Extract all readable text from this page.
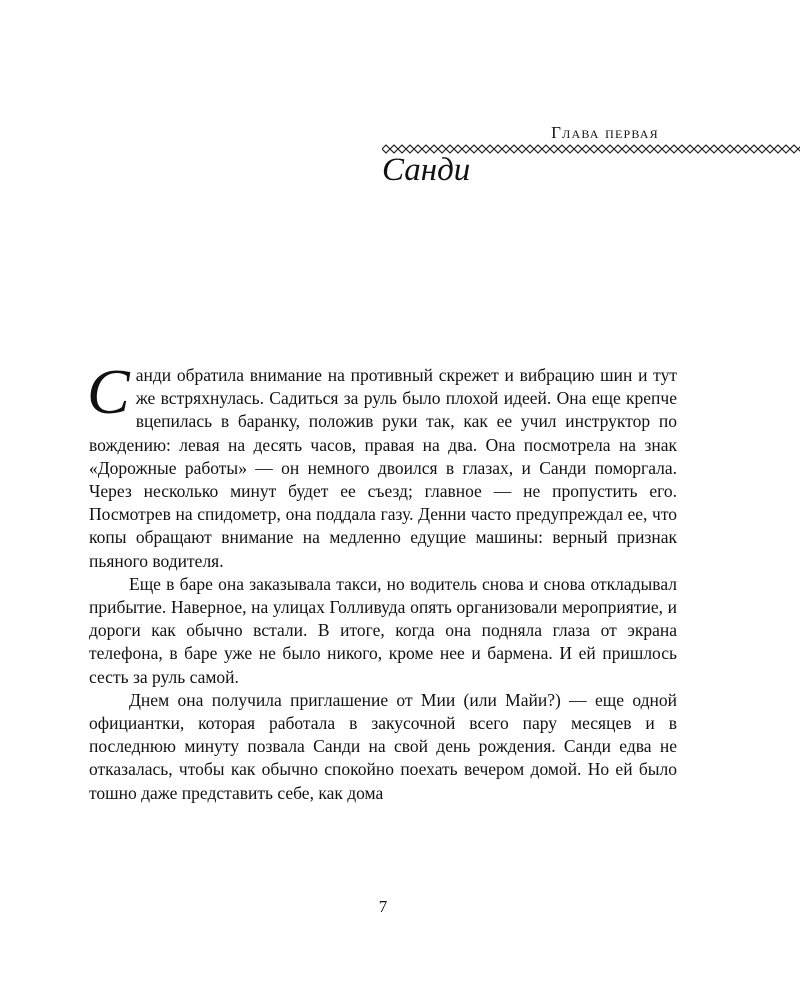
Глава первая
Санди

Санди обратила внимание на противный скрежет и вибрацию шин и тут же встряхнулась. Садиться за руль было плохой идеей. Она еще крепче вцепилась в баранку, положив руки так, как ее учил инструктор по вождению: левая на десять часов, правая на два. Она посмотрела на знак «Дорожные работы» — он немного двоился в глазах, и Санди поморгала. Через несколько минут будет ее съезд; главное — не пропустить его. Посмотрев на спидометр, она поддала газу. Денни часто предупреждал ее, что копы обращают внимание на медленно едущие машины: верный признак пьяного водителя.

Еще в баре она заказывала такси, но водитель снова и снова откладывал прибытие. Наверное, на улицах Голливуда опять организовали мероприятие, и дороги как обычно встали. В итоге, когда она подняла глаза от экрана телефона, в баре уже не было никого, кроме нее и бармена. И ей пришлось сесть за руль самой.

Днем она получила приглашение от Мии (или Майи?) — еще одной официантки, которая работала в закусочной всего пару месяцев и в последнюю минуту позвала Санди на свой день рождения. Санди едва не отказалась, чтобы как обычно спокойно поехать вечером домой. Но ей было тошно даже представить себе, как дома

7
